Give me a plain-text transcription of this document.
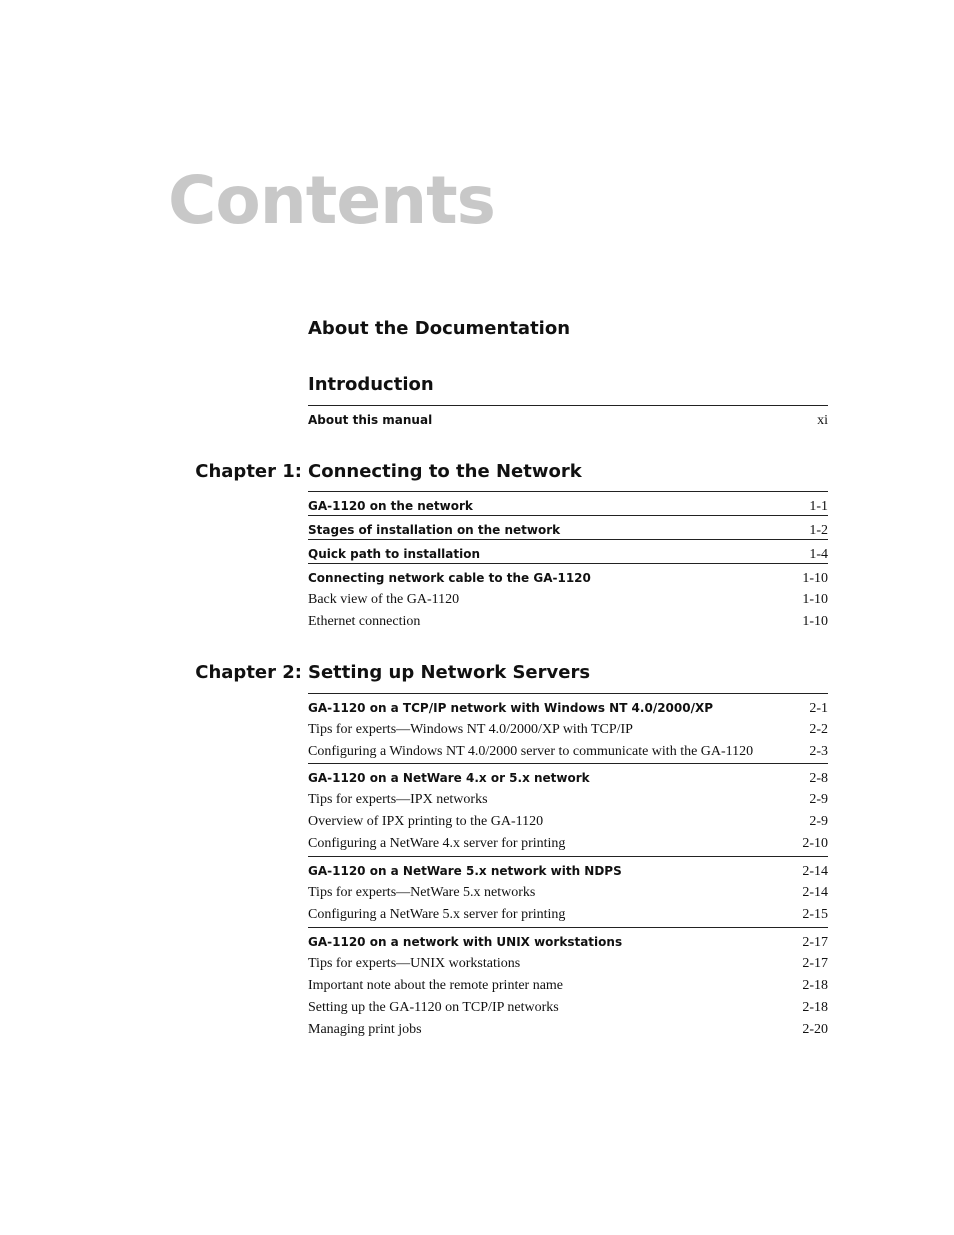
Contents
About the Documentation
Introduction
About this manual	xi
Chapter 1: Connecting to the Network
GA-1120 on the network	1-1
Stages of installation on the network	1-2
Quick path to installation	1-4
Connecting network cable to the GA-1120	1-10
Back view of the GA-1120	1-10
Ethernet connection	1-10
Chapter 2: Setting up Network Servers
GA-1120 on a TCP/IP network with Windows NT 4.0/2000/XP	2-1
Tips for experts—Windows NT 4.0/2000/XP with TCP/IP	2-2
Configuring a Windows NT 4.0/2000 server to communicate with the GA-1120	2-3
GA-1120 on a NetWare 4.x or 5.x network	2-8
Tips for experts—IPX networks	2-9
Overview of IPX printing to the GA-1120	2-9
Configuring a NetWare 4.x server for printing	2-10
GA-1120 on a NetWare 5.x network with NDPS	2-14
Tips for experts—NetWare 5.x networks	2-14
Configuring a NetWare 5.x server for printing	2-15
GA-1120 on a network with UNIX workstations	2-17
Tips for experts—UNIX workstations	2-17
Important note about the remote printer name	2-18
Setting up the GA-1120 on TCP/IP networks	2-18
Managing print jobs	2-20
